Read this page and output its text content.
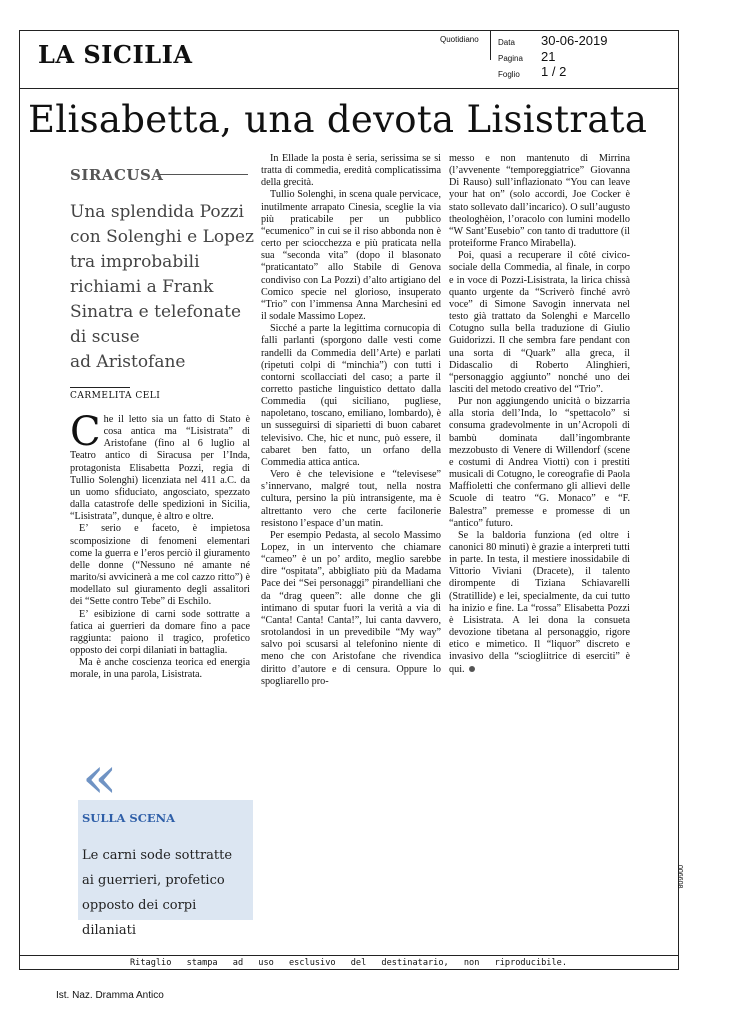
LA SICILIA
Quotidiano Data 30-06-2019
Pagina 21
Foglio 1 / 2
Elisabetta, una devota Lisistrata
SIRACUSA
Una splendida Pozzi
con Solenghi e Lopez
tra improbabili
richiami a Frank
Sinatra e telefonate
di scuse
ad Aristofane
CARMELITA CELI

Che il letto sia un fatto di Stato è cosa antica ma “Lisistrata” di Aristofane (fino al 6 luglio al Teatro antico di Siracusa per l’Inda, protagonista Elisabetta Pozzi, regia di Tullio Solenghi) licenziata nel 411 a.C. da un uomo sfiduciato, angosciato, spezzato dalla catastrofe delle spedizioni in Sicilia, “Lisistrata”, dunque, è altro e oltre.

E’ serio e faceto, è impietosa scomposizione di fenomeni elementari come la guerra e l’eros perciò il giuramento delle donne (“Nessuno né amante né marito/si avvicinerà a me col cazzo ritto”) è modellato sul giuramento degli assalitori dei “Sette contro Tebe” di Eschilo.

E’ esibizione di carni sode sottratte a fatica ai guerrieri da domare fino a pace raggiunta: paiono il tragico, profetico opposto dei corpi dilaniati in battaglia.

Ma è anche coscienza teorica ed energia morale, in una parola, Lisistrata.

In Ellade la posta è seria, serissima se si tratta di commedia, eredità complicatissima della grecità.

Tullio Solenghi, in scena quale pervicace, inutilmente arrapato Cinesia, sceglie la via più praticabile per un pubblico “ecumenico” in cui se il riso abbonda non è certo per sciocchezza e più praticata nella sua “seconda vita” (dopo il blasonato “praticantato” allo Stabile di Genova condiviso con La Pozzi) d’alto artigiano del Comico specie nel glorioso, insuperato “Trio” con l’immensa Anna Marchesini ed il sodale Massimo Lopez.

Sicché a parte la legittima cornucopia di falli parlanti (sporgono dalle vesti come randelli da Commedia dell’Arte) e parlati (ripetuti colpi di “minchia”) con tutti i contorni scollacciati del caso; a parte il corretto pastiche linguistico dettato dalla Commedia (qui siciliano, pugliese, napoletano, toscano, emiliano, lombardo), è un susseguirsi di siparietti di buon cabaret televisivo. Che, hic et nunc, può essere, il cabaret ben fatto, un orfano della Commedia attica antica.

Vero è che televisione e “televisese” s’innervano, malgré tout, nella nostra cultura, persino la più intransigente, ma è altrettanto vero che certe facilonerie resistono l’espace d’un matin.

Per esempio Pedasta, al secolo Massimo Lopez, in un intervento che chiamare “cameo” è un po’ ardito, meglio sarebbe dire “ospitata”, abbigliato più da Madama Pace dei “Sei personaggi” pirandelliani che da “drag queen”: alle donne che gli intimano di sputar fuori la verità a via di “Canta! Canta! Canta!”, lui canta davvero, srotolandosi in un prevedibile “My way” salvo poi scusarsi al telefonino niente di meno che con Aristofane che rivendica diritto d’autore e di censura. Oppure lo spogliarello pro-

messo e non mantenuto di Mirrina (l’avvenente “temporeggiatrice” Giovanna Di Rauso) sull’inflazionato “You can leave your hat on” (solo accordi, Joe Cocker è stato sollevato dall’incarico). O sull’augusto theologhèion, l’oracolo con lumini modello “W Sant’Eusebio” con tanto di traduttore (il proteiforme Franco Mirabella).

Poi, quasi a recuperare il côté civico-sociale della Commedia, al finale, in corpo e in voce di Pozzi-Lisistrata, la lirica chissà quanto urgente da “Scriverò finché avrò voce” di Simone Savogin innervata nel testo già trattato da Solenghi e Marcello Cotugno sulla bella traduzione di Giulio Guidorizzi. Il che sembra fare pendant con una sorta di “Quark” alla greca, il Didascalio di Roberto Alinghieri, “personaggio aggiunto” nonché uno dei lasciti del metodo creativo del “Trio”.

Pur non aggiungendo unicità o bizzarria alla storia dell’Inda, lo “spettacolo” si consuma gradevolmente in un’Acropoli di bambù dominata dall’ingombrante mezzobusto di Venere di Willendorf (scene e costumi di Andrea Viotti) con i prestiti musicali di Cotugno, le coreografie di Paola Maffioletti che confermano gli allievi delle Scuole di teatro “G. Monaco” e “F. Balestra” premesse e promesse di un “antico” futuro.

Se la baldoria funziona (ed oltre i canonici 80 minuti) è grazie a interpreti tutti in parte. In testa, il mestiere inossidabile di Vittorio Viviani (Dracete), il talento dirompente di Tiziana Schiavarelli (Stratillide) e lei, specialmente, da cui tutto ha inizio e fine. La “rossa” Elisabetta Pozzi è Lisistrata. A lei dona la consueta devozione tibetana al personaggio, rigore etico e mimetico. Il “liquor” discreto e invasivo della “sciogliitrice di eserciti” è qui.

«
SULLA SCENA
Le carni sode sottratte ai guerrieri, profetico opposto dei corpi dilaniati
Ritaglio stampa ad uso esclusivo del destinatario, non riproducibile.
006608
Ist. Naz. Dramma Antico
